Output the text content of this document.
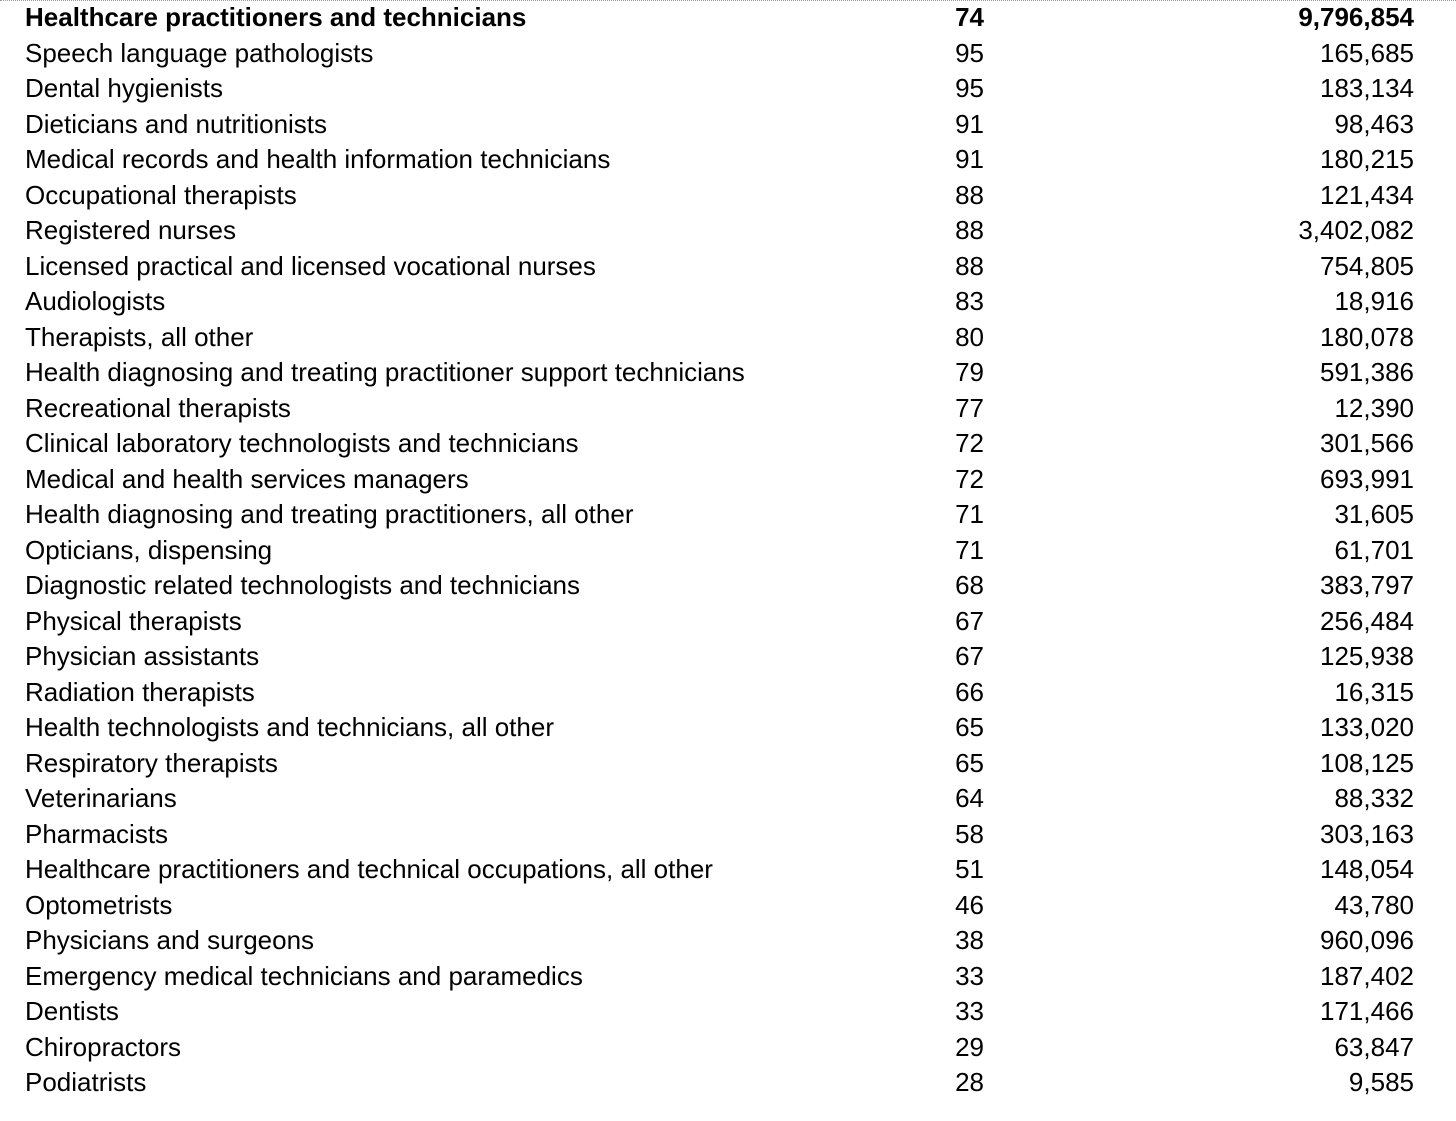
Healthcare practitioners and technicians	74	9,796,854
Speech language pathologists	95	165,685
Dental hygienists	95	183,134
Dieticians and nutritionists	91	98,463
Medical records and health information technicians	91	180,215
Occupational therapists	88	121,434
Registered nurses	88	3,402,082
Licensed practical and licensed vocational nurses	88	754,805
Audiologists	83	18,916
Therapists, all other	80	180,078
Health diagnosing and treating practitioner support technicians	79	591,386
Recreational therapists	77	12,390
Clinical laboratory technologists and technicians	72	301,566
Medical and health services managers	72	693,991
Health diagnosing and treating practitioners, all other	71	31,605
Opticians, dispensing	71	61,701
Diagnostic related technologists and technicians	68	383,797
Physical therapists	67	256,484
Physician assistants	67	125,938
Radiation therapists	66	16,315
Health technologists and technicians, all other	65	133,020
Respiratory therapists	65	108,125
Veterinarians	64	88,332
Pharmacists	58	303,163
Healthcare practitioners and technical occupations, all other	51	148,054
Optometrists	46	43,780
Physicians and surgeons	38	960,096
Emergency medical technicians and paramedics	33	187,402
Dentists	33	171,466
Chiropractors	29	63,847
Podiatrists	28	9,585
